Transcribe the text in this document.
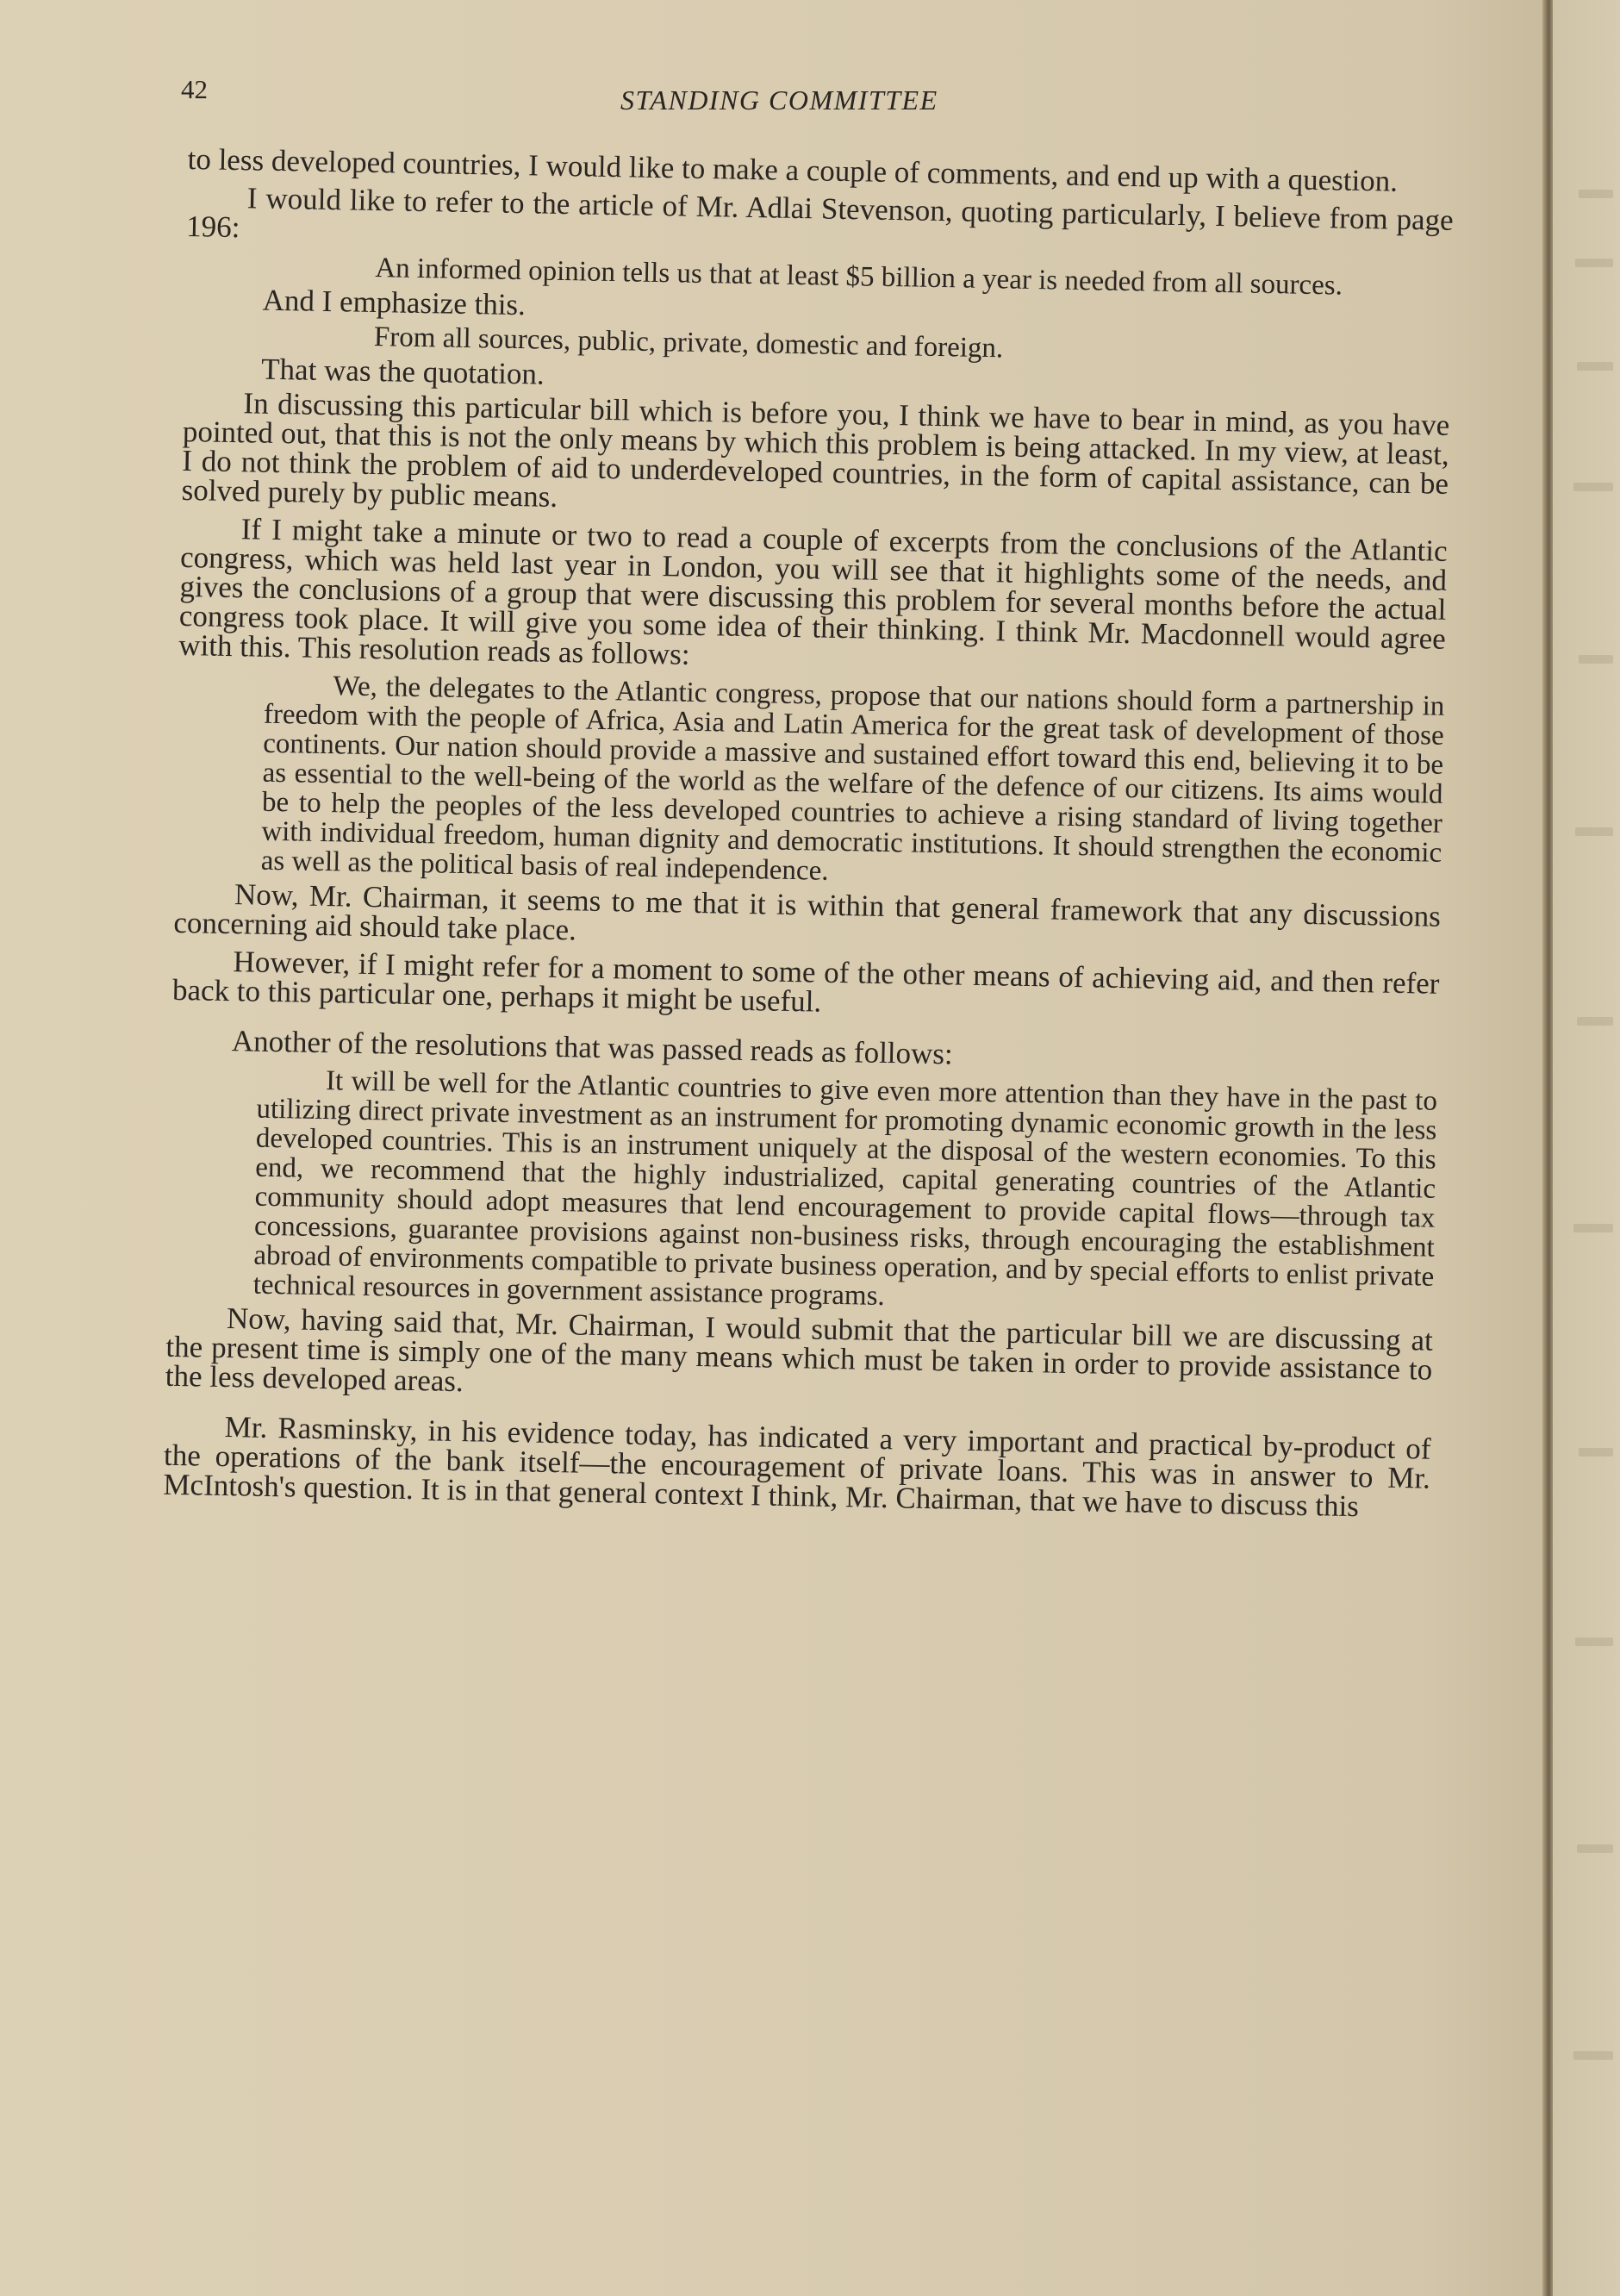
42	STANDING COMMITTEE

to less developed countries, I would like to make a couple of comments, and end up with a question.

I would like to refer to the article of Mr. Adlai Stevenson, quoting particularly, I believe from page 196:

An informed opinion tells us that at least $5 billion a year is needed from all sources.

And I emphasize this.

From all sources, public, private, domestic and foreign.

That was the quotation.

In discussing this particular bill which is before you, I think we have to bear in mind, as you have pointed out, that this is not the only means by which this problem is being attacked. In my view, at least, I do not think the problem of aid to underdeveloped countries, in the form of capital assistance, can be solved purely by public means.

If I might take a minute or two to read a couple of excerpts from the conclusions of the Atlantic congress, which was held last year in London, you will see that it highlights some of the needs, and gives the conclusions of a group that were discussing this problem for several months before the actual congress took place. It will give you some idea of their thinking. I think Mr. Macdonnell would agree with this. This resolution reads as follows:

We, the delegates to the Atlantic congress, propose that our nations should form a partnership in freedom with the people of Africa, Asia and Latin America for the great task of development of those continents. Our nation should provide a massive and sustained effort toward this end, believing it to be as essential to the well-being of the world as the welfare of the defence of our citizens. Its aims would be to help the peoples of the less developed countries to achieve a rising standard of living together with individual freedom, human dignity and democratic institutions. It should strengthen the economic as well as the political basis of real independence.

Now, Mr. Chairman, it seems to me that it is within that general framework that any discussions concerning aid should take place.

However, if I might refer for a moment to some of the other means of achieving aid, and then refer back to this particular one, perhaps it might be useful.

Another of the resolutions that was passed reads as follows:

It will be well for the Atlantic countries to give even more attention than they have in the past to utilizing direct private investment as an instrument for promoting dynamic economic growth in the less developed countries. This is an instrument uniquely at the disposal of the western economies. To this end, we recommend that the highly industrialized, capital generating countries of the Atlantic community should adopt measures that lend encouragement to provide capital flows—through tax concessions, guarantee provisions against non-business risks, through encouraging the establishment abroad of environments compatible to private business operation, and by special efforts to enlist private technical resources in government assistance programs.

Now, having said that, Mr. Chairman, I would submit that the particular bill we are discussing at the present time is simply one of the many means which must be taken in order to provide assistance to the less developed areas.

Mr. Rasminsky, in his evidence today, has indicated a very important and practical by-product of the operations of the bank itself—the encouragement of private loans. This was in answer to Mr. McIntosh's question. It is in that general context I think, Mr. Chairman, that we have to discuss this
